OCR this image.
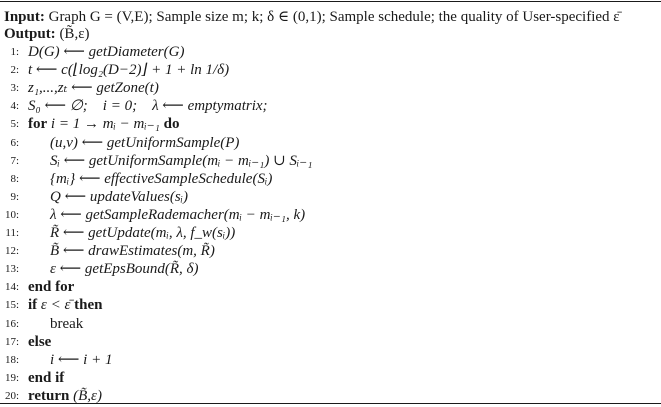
Input: Graph G = (V,E); Sample size m; k; δ ∈ (0,1); Sample schedule; the quality of User-specified ε̄
Output: (B̃,ε)
1 : D(G) ⟵ getDiameter(G)
2 : t ⟵ c(⌊log₂(D−2)⌋ + 1 + ln 1/δ)
3 : z₁,...,zₜ ⟵ getZone(t)
4 : S₀ ⟵ ∅;    i = 0;    λ ⟵ emptymatrix;
5 : for i = 1 → mᵢ − mᵢ₋₁ do
6 : (u,v) ⟵ getUniformSample(P)
7 : Sᵢ ⟵ getUniformSample(mᵢ − mᵢ₋₁) ∪ Sᵢ₋₁
8 : {mᵢ} ⟵ effectiveSampleSchedule(Sᵢ)
9 : Q ⟵ updateValues(sᵢ)
10 : λ ⟵ getSampleRademacher(mᵢ − mᵢ₋₁, k)
11 : R̃ ⟵ getUpdate(mᵢ, λ, f_w(sᵢ))
12 : B̃ ⟵ drawEstimates(m, R̃)
13 : ε ⟵ getEpsBound(R̃, δ)
14 : end for
15 : if ε < ε̄ then
16 : break
17 : else
18 : i ⟵ i + 1
19 : end if
20 : return (B̃,ε)
